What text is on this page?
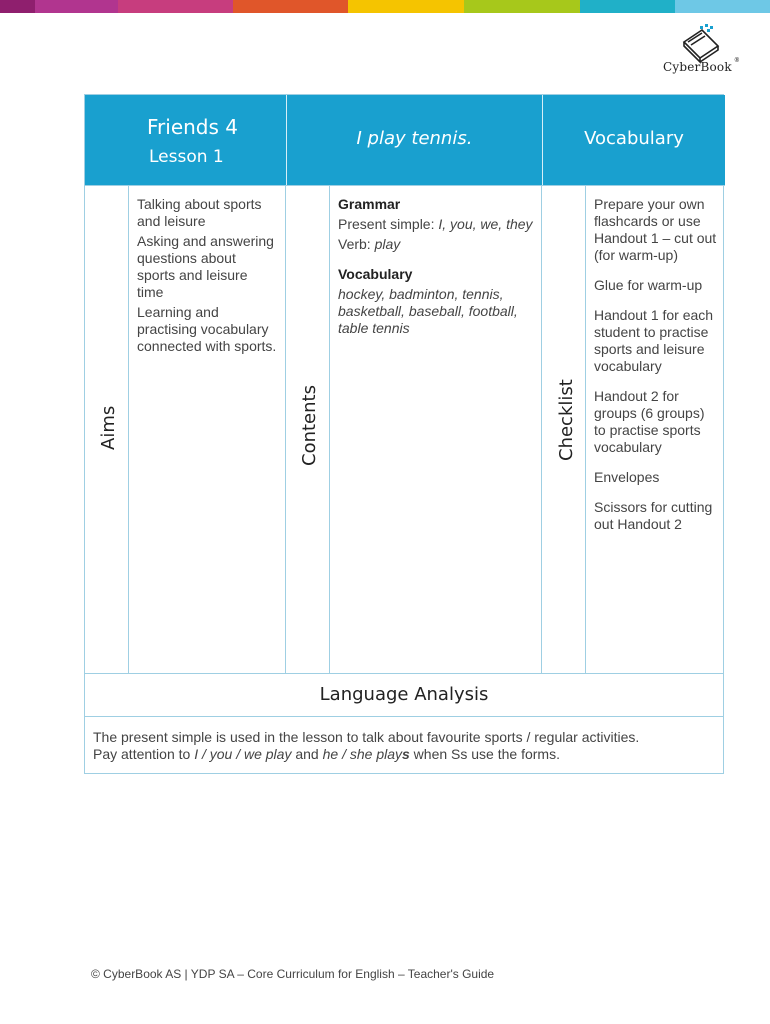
CyberBook ®
Friends 4
Lesson 1
I play tennis.	Vocabulary
Aims

Talking about sports and leisure

Asking and answering questions about sports and leisure time

Learning and practising vocabulary connected with sports.

Contents

Grammar

Present simple: I, you, we, they

Verb: play

Vocabulary

hockey, badminton, tennis, basketball, baseball, football, table tennis

Checklist

Prepare your own flashcards or use Handout 1 – cut out (for warm-up)

Glue for warm-up

Handout 1 for each student to practise sports and leisure vocabulary

Handout 2 for groups (6 groups) to practise sports vocabulary

Envelopes

Scissors for cutting out Handout 2

Language Analysis

The present simple is used in the lesson to talk about favourite sports / regular activities.

Pay attention to I / you / we play and he / she plays when Ss use the forms.

© CyberBook AS | YDP SA – Core Curriculum for English – Teacher's Guide
